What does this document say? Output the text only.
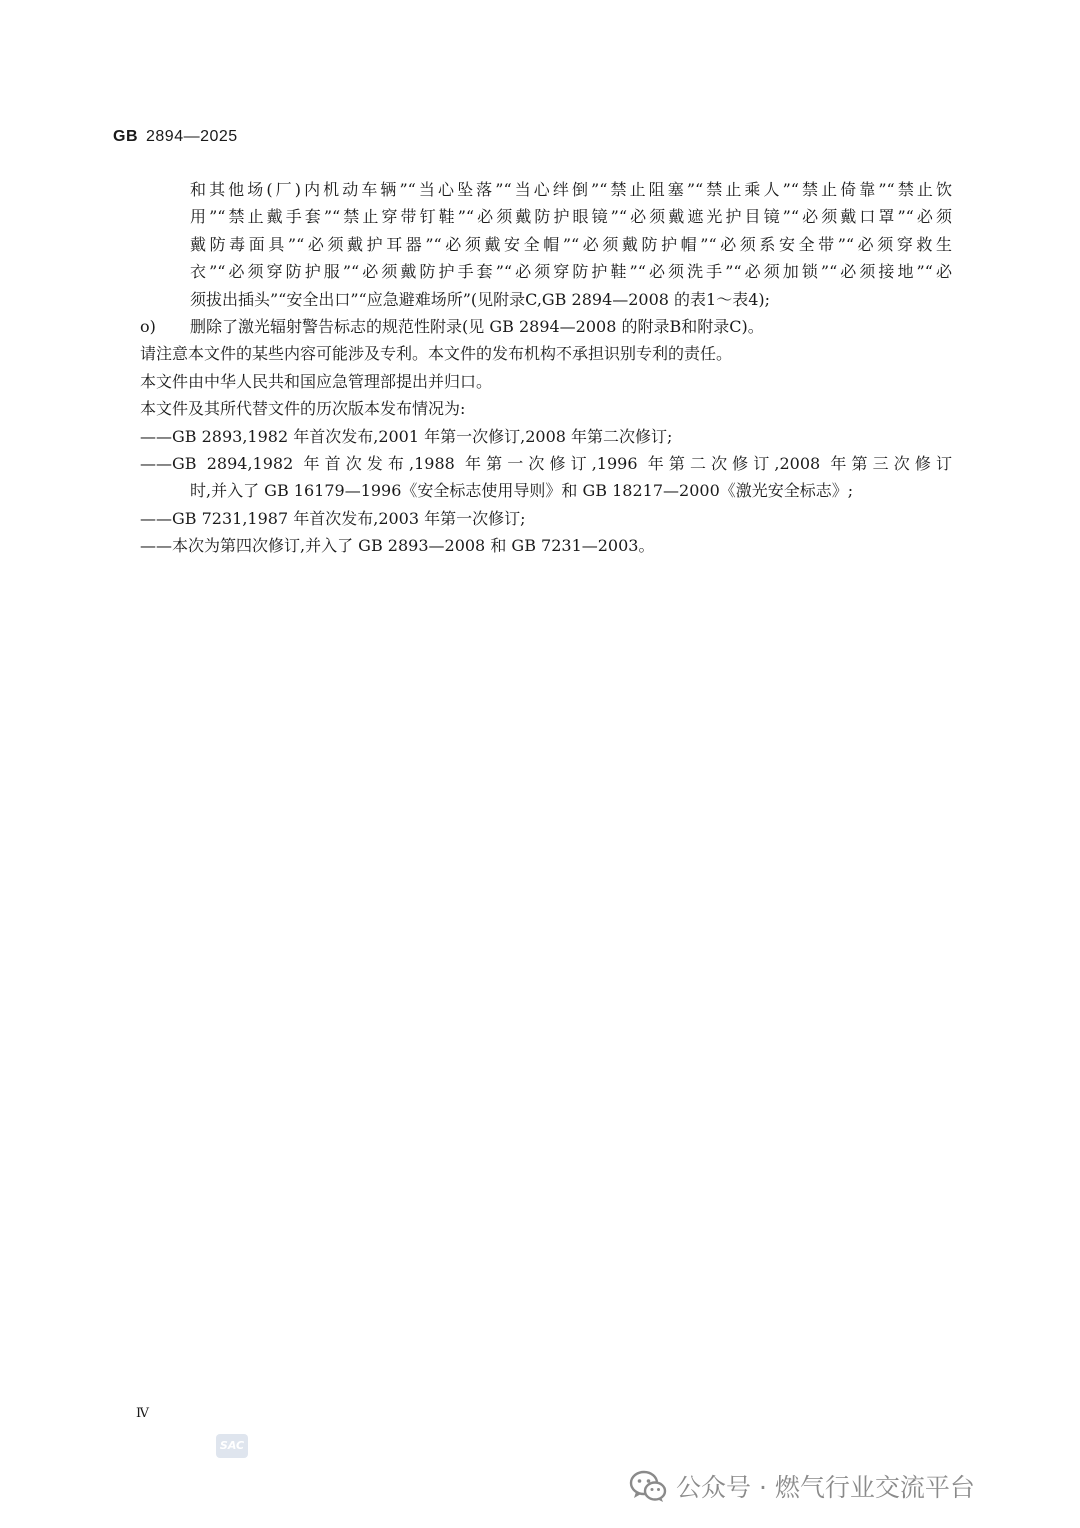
GB 2894—2025
和其他场(厂)内机动车辆”“当心坠落”“当心绊倒”“禁止阻塞”“禁止乘人”“禁止倚靠”“禁止饮
用”“禁止戴手套”“禁止穿带钉鞋”“必须戴防护眼镜”“必须戴遮光护目镜”“必须戴口罩”“必须
戴防毒面具”“必须戴护耳器”“必须戴安全帽”“必须戴防护帽”“必须系安全带”“必须穿救生
衣”“必须穿防护服”“必须戴防护手套”“必须穿防护鞋”“必须洗手”“必须加锁”“必须接地”“必
须拔出插头”“安全出口”“应急避难场所”(见附录C,GB 2894—2008 的表1～表4);
o)	删除了激光辐射警告标志的规范性附录(见 GB 2894—2008 的附录B和附录C)。
请注意本文件的某些内容可能涉及专利。本文件的发布机构不承担识别专利的责任。
本文件由中华人民共和国应急管理部提出并归口。
本文件及其所代替文件的历次版本发布情况为:
——GB 2893,1982 年首次发布,2001 年第一次修订,2008 年第二次修订;
——GB 2894,1982 年首次发布,1988 年第一次修订,1996 年第二次修订,2008 年第三次修订
时,并入了 GB 16179—1996《安全标志使用导则》和 GB 18217—2000《激光安全标志》;
——GB 7231,1987 年首次发布,2003 年第一次修订;
——本次为第四次修订,并入了 GB 2893—2008 和 GB 7231—2003。
Ⅳ
SAC
公众号 · 燃气行业交流平台
